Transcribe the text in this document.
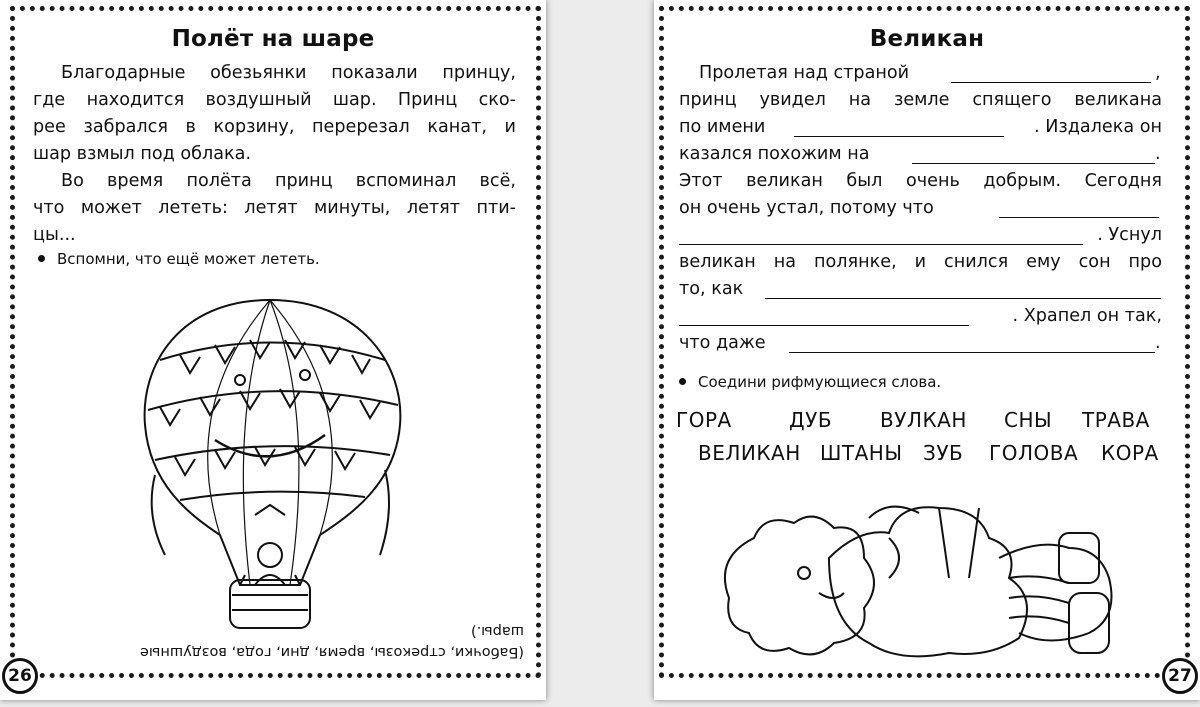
Полёт на шаре
Благодарные обезьянки показали принцу,
где находится воздушный шар. Принц ско-
рее забрался в корзину, перерезал канат, и
шар взмыл под облака.
Во время полёта принц вспоминал всё,
что может лететь: летят минуты, летят пти-
цы...
Вспомни, что ещё может лететь.
(Бабочки, стрекозы, время, дни, года, воздушные
шары.)
26
Великан
Пролетая над страной	,
принц увидел на земле спящего великана
по имени	. Издалека он
казался похожим на	.
Этот великан был очень добрым. Сегодня
он очень устал, потому что
. Уснул
великан на полянке, и снился ему сон про
то, как
. Храпел он так,
что даже	.
Соедини рифмующиеся слова.
ГОРА	ДУБ ВУЛКАН СНЫ ТРАВА
ВЕЛИКАН ШТАНЫ ЗУБ ГОЛОВА КОРА
27
